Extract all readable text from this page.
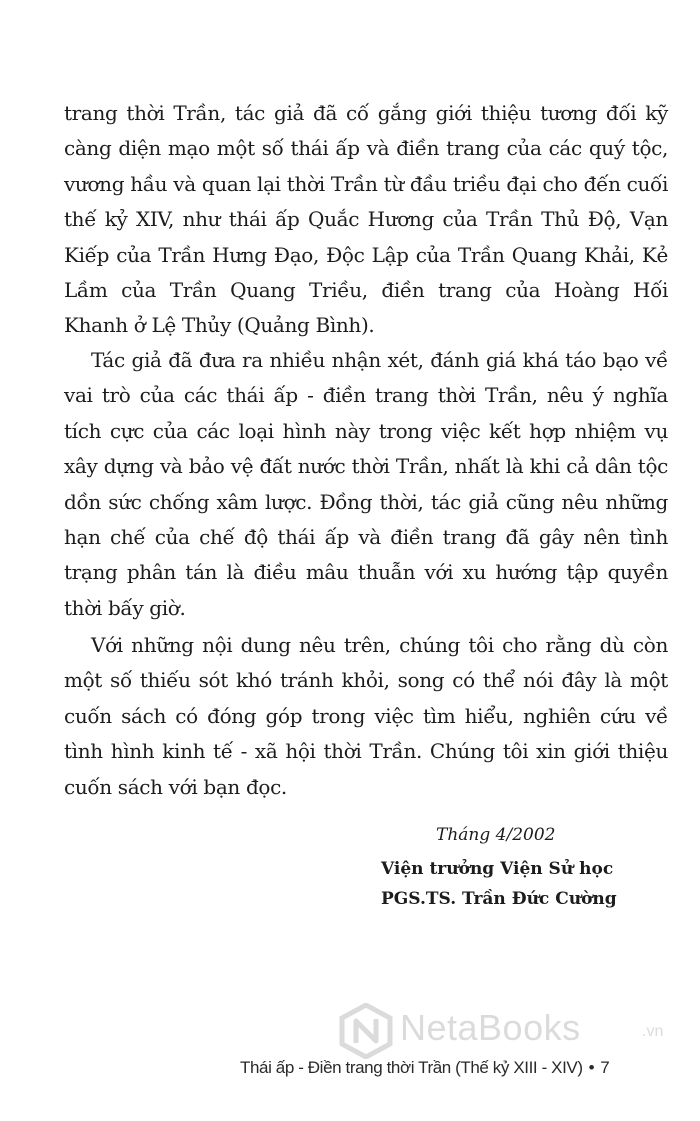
trang thời Trần, tác giả đã cố gắng giới thiệu tương đối kỹ càng diện mạo một số thái ấp và điền trang của các quý tộc, vương hầu và quan lại thời Trần từ đầu triều đại cho đến cuối thế kỷ XIV, như thái ấp Quắc Hương của Trần Thủ Độ, Vạn Kiếp của Trần Hưng Đạo, Độc Lập của Trần Quang Khải, Kẻ Lầm của Trần Quang Triều, điền trang của Hoàng Hối Khanh ở Lệ Thủy (Quảng Bình).

Tác giả đã đưa ra nhiều nhận xét, đánh giá khá táo bạo về vai trò của các thái ấp - điền trang thời Trần, nêu ý nghĩa tích cực của các loại hình này trong việc kết hợp nhiệm vụ xây dựng và bảo vệ đất nước thời Trần, nhất là khi cả dân tộc dồn sức chống xâm lược. Đồng thời, tác giả cũng nêu những hạn chế của chế độ thái ấp và điền trang đã gây nên tình trạng phân tán là điều mâu thuẫn với xu hướng tập quyền thời bấy giờ.

Với những nội dung nêu trên, chúng tôi cho rằng dù còn một số thiếu sót khó tránh khỏi, song có thể nói đây là một cuốn sách có đóng góp trong việc tìm hiểu, nghiên cứu về tình hình kinh tế - xã hội thời Trần. Chúng tôi xin giới thiệu cuốn sách với bạn đọc.

Tháng 4/2002

Viện trưởng Viện Sử học

PGS.TS. Trần Đức Cường

NetaBooks	.vn
Thái ấp - Điền trang thời Trần (Thế kỷ XIII - XIV) • 7
